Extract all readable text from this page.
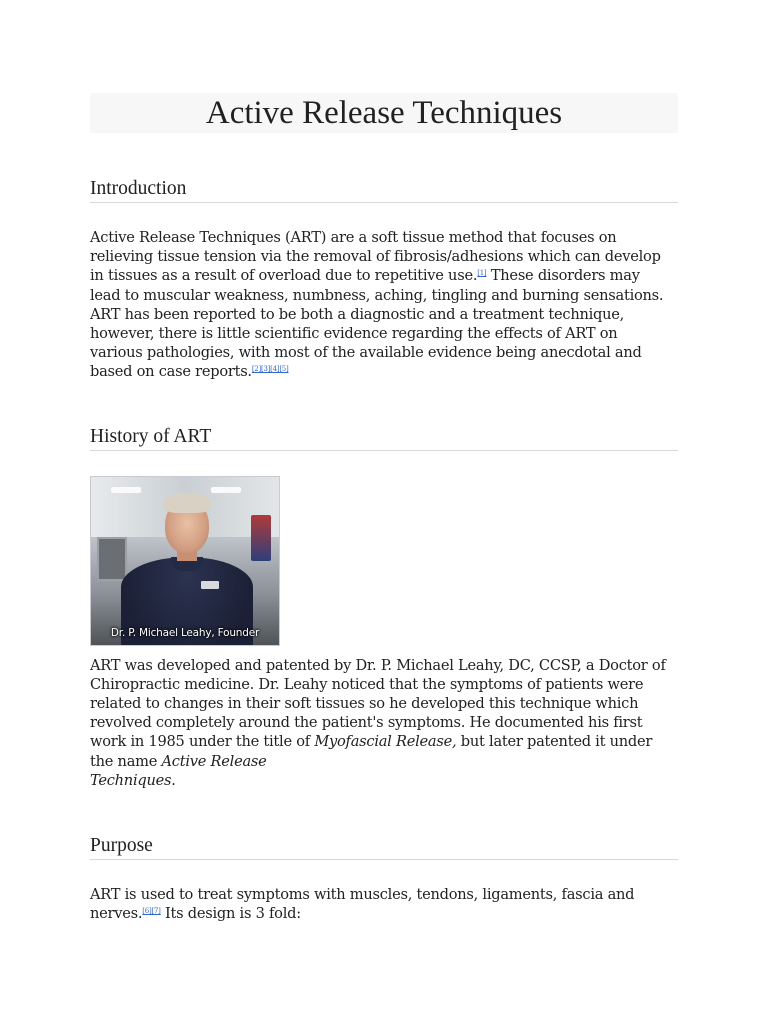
Active Release Techniques
Introduction

Active Release Techniques (ART) are a soft tissue method that focuses on relieving tissue tension via the removal of fibrosis/adhesions which can develop in tissues as a result of overload due to repetitive use.[1] These disorders may lead to muscular weakness, numbness, aching, tingling and burning sensations. ART has been reported to be both a diagnostic and a treatment technique, however, there is little scientific evidence regarding the effects of ART on various pathologies, with most of the available evidence being anecdotal and based on case reports.[2][3][4][5]

History of ART
Dr. P. Michael Leahy, Founder

ART was developed and patented by Dr. P. Michael Leahy, DC, CCSP, a Doctor of Chiropractic medicine. Dr. Leahy noticed that the symptoms of patients were related to changes in their soft tissues so he developed this technique which revolved completely around the patient's symptoms. He documented his first work in 1985 under the title of Myofascial Release, but later patented it under the name Active Release
Techniques.

Purpose

ART is used to treat symptoms with muscles, tendons, ligaments, fascia and nerves.[6][7] Its design is 3 fold:
